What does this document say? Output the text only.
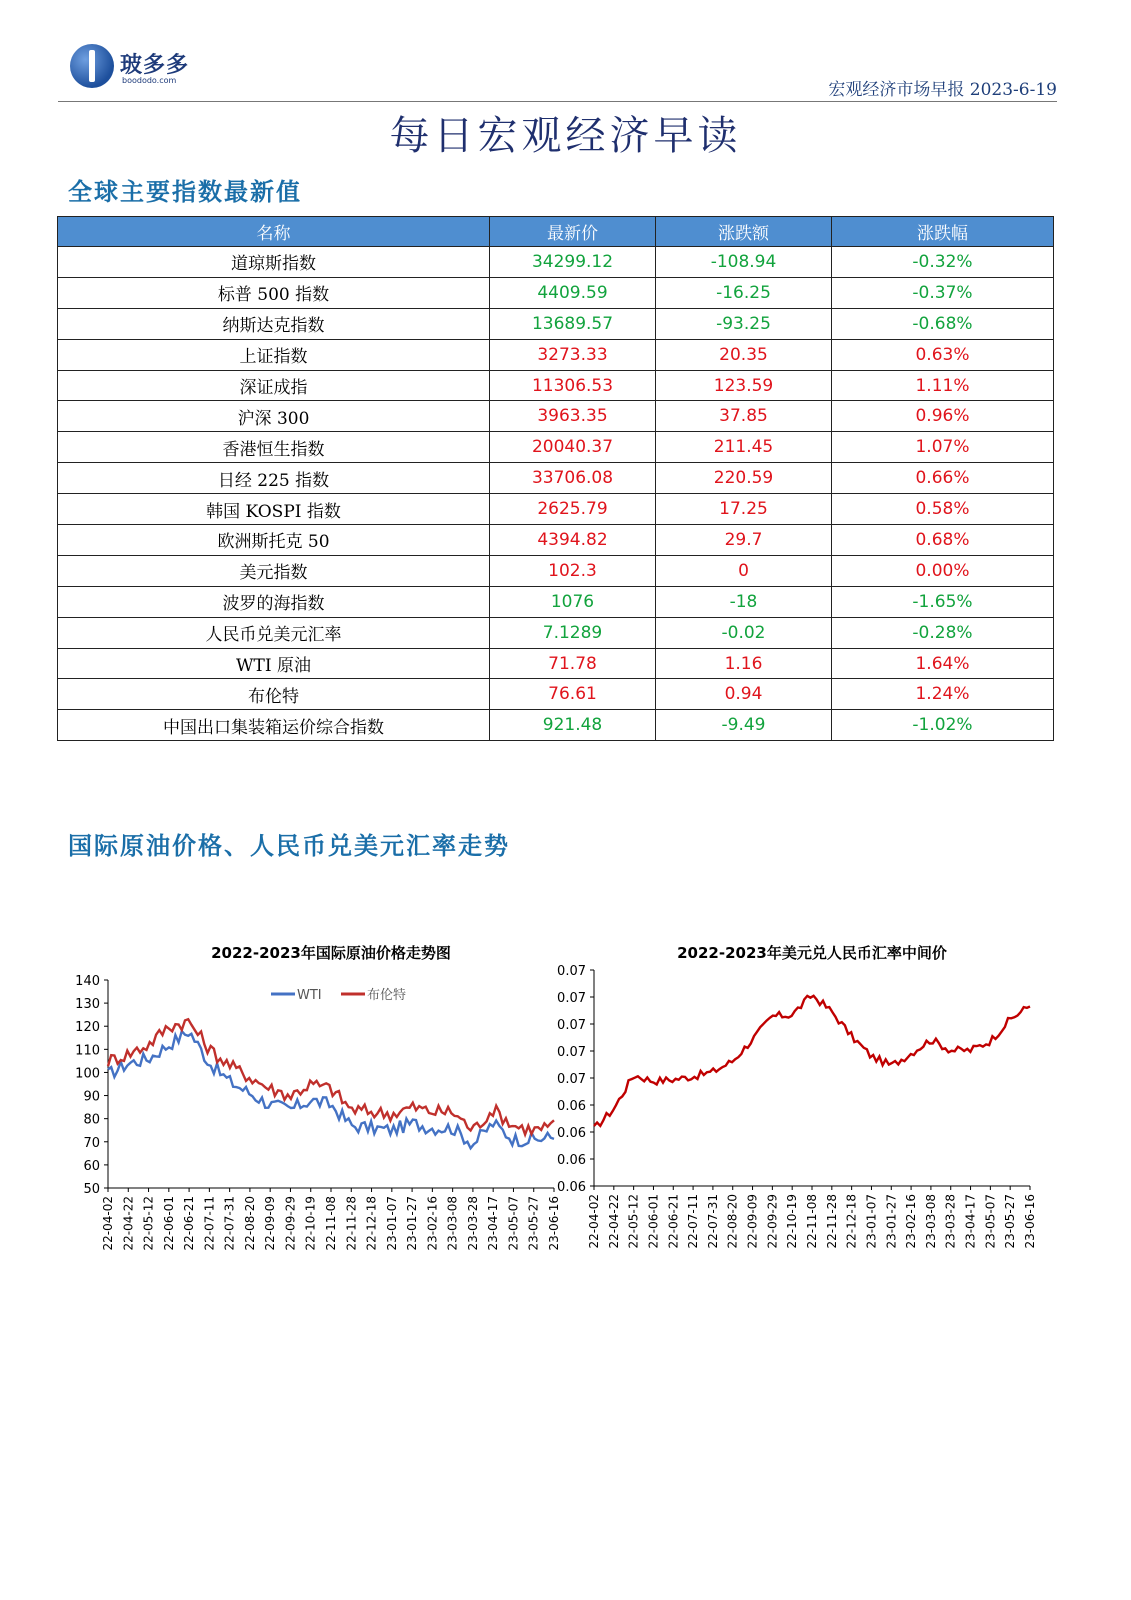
玻多多
boododo.com	宏观经济市场早报 2023-6-19
每日宏观经济早读
全球主要指数最新值
名称	最新价	涨跌额	涨跌幅
道琼斯指数	34299.12	-108.94	-0.32%
标普 500 指数	4409.59	-16.25	-0.37%
纳斯达克指数	13689.57	-93.25	-0.68%
上证指数	3273.33	20.35	0.63%
深证成指	11306.53	123.59	1.11%
沪深 300	3963.35	37.85	0.96%
香港恒生指数	20040.37	211.45	1.07%
日经 225 指数	33706.08	220.59	0.66%
韩国 KOSPI 指数	2625.79	17.25	0.58%
欧洲斯托克 50	4394.82	29.7	0.68%
美元指数	102.3	0	0.00%
波罗的海指数	1076	-18	-1.65%
人民币兑美元汇率	7.1289	-0.02	-0.28%
WTI 原油	71.78	1.16	1.64%
布伦特	76.61	0.94	1.24%
中国出口集装箱运价综合指数	921.48	-9.49	-1.02%
国际原油价格、人民币兑美元汇率走势
2022-2023年国际原油价格走势图
50
60
70
80
90
100
110
120
130
140
22-04-02 22-04-22 22-05-12 22-06-01 22-06-21 22-07-11 22-07-31 22-08-20 22-09-09 22-09-29 22-10-19 22-11-08 22-11-28 22-12-18 23-01-07 23-01-27 23-02-16 23-03-08 23-03-28 23-04-17 23-05-07 23-05-27 23-06-16
WTI	布伦特
2022-2023年美元兑人民币汇率中间价
0.06
0.06
0.06
0.06
0.07
0.07
0.07
0.07
0.07
22-04-02 22-04-22 22-05-12 22-06-01 22-06-21 22-07-11 22-07-31 22-08-20 22-09-09 22-09-29 22-10-19 22-11-08 22-11-28 22-12-18 23-01-07 23-01-27 23-02-16 23-03-08 23-03-28 23-04-17 23-05-07 23-05-27 23-06-16
